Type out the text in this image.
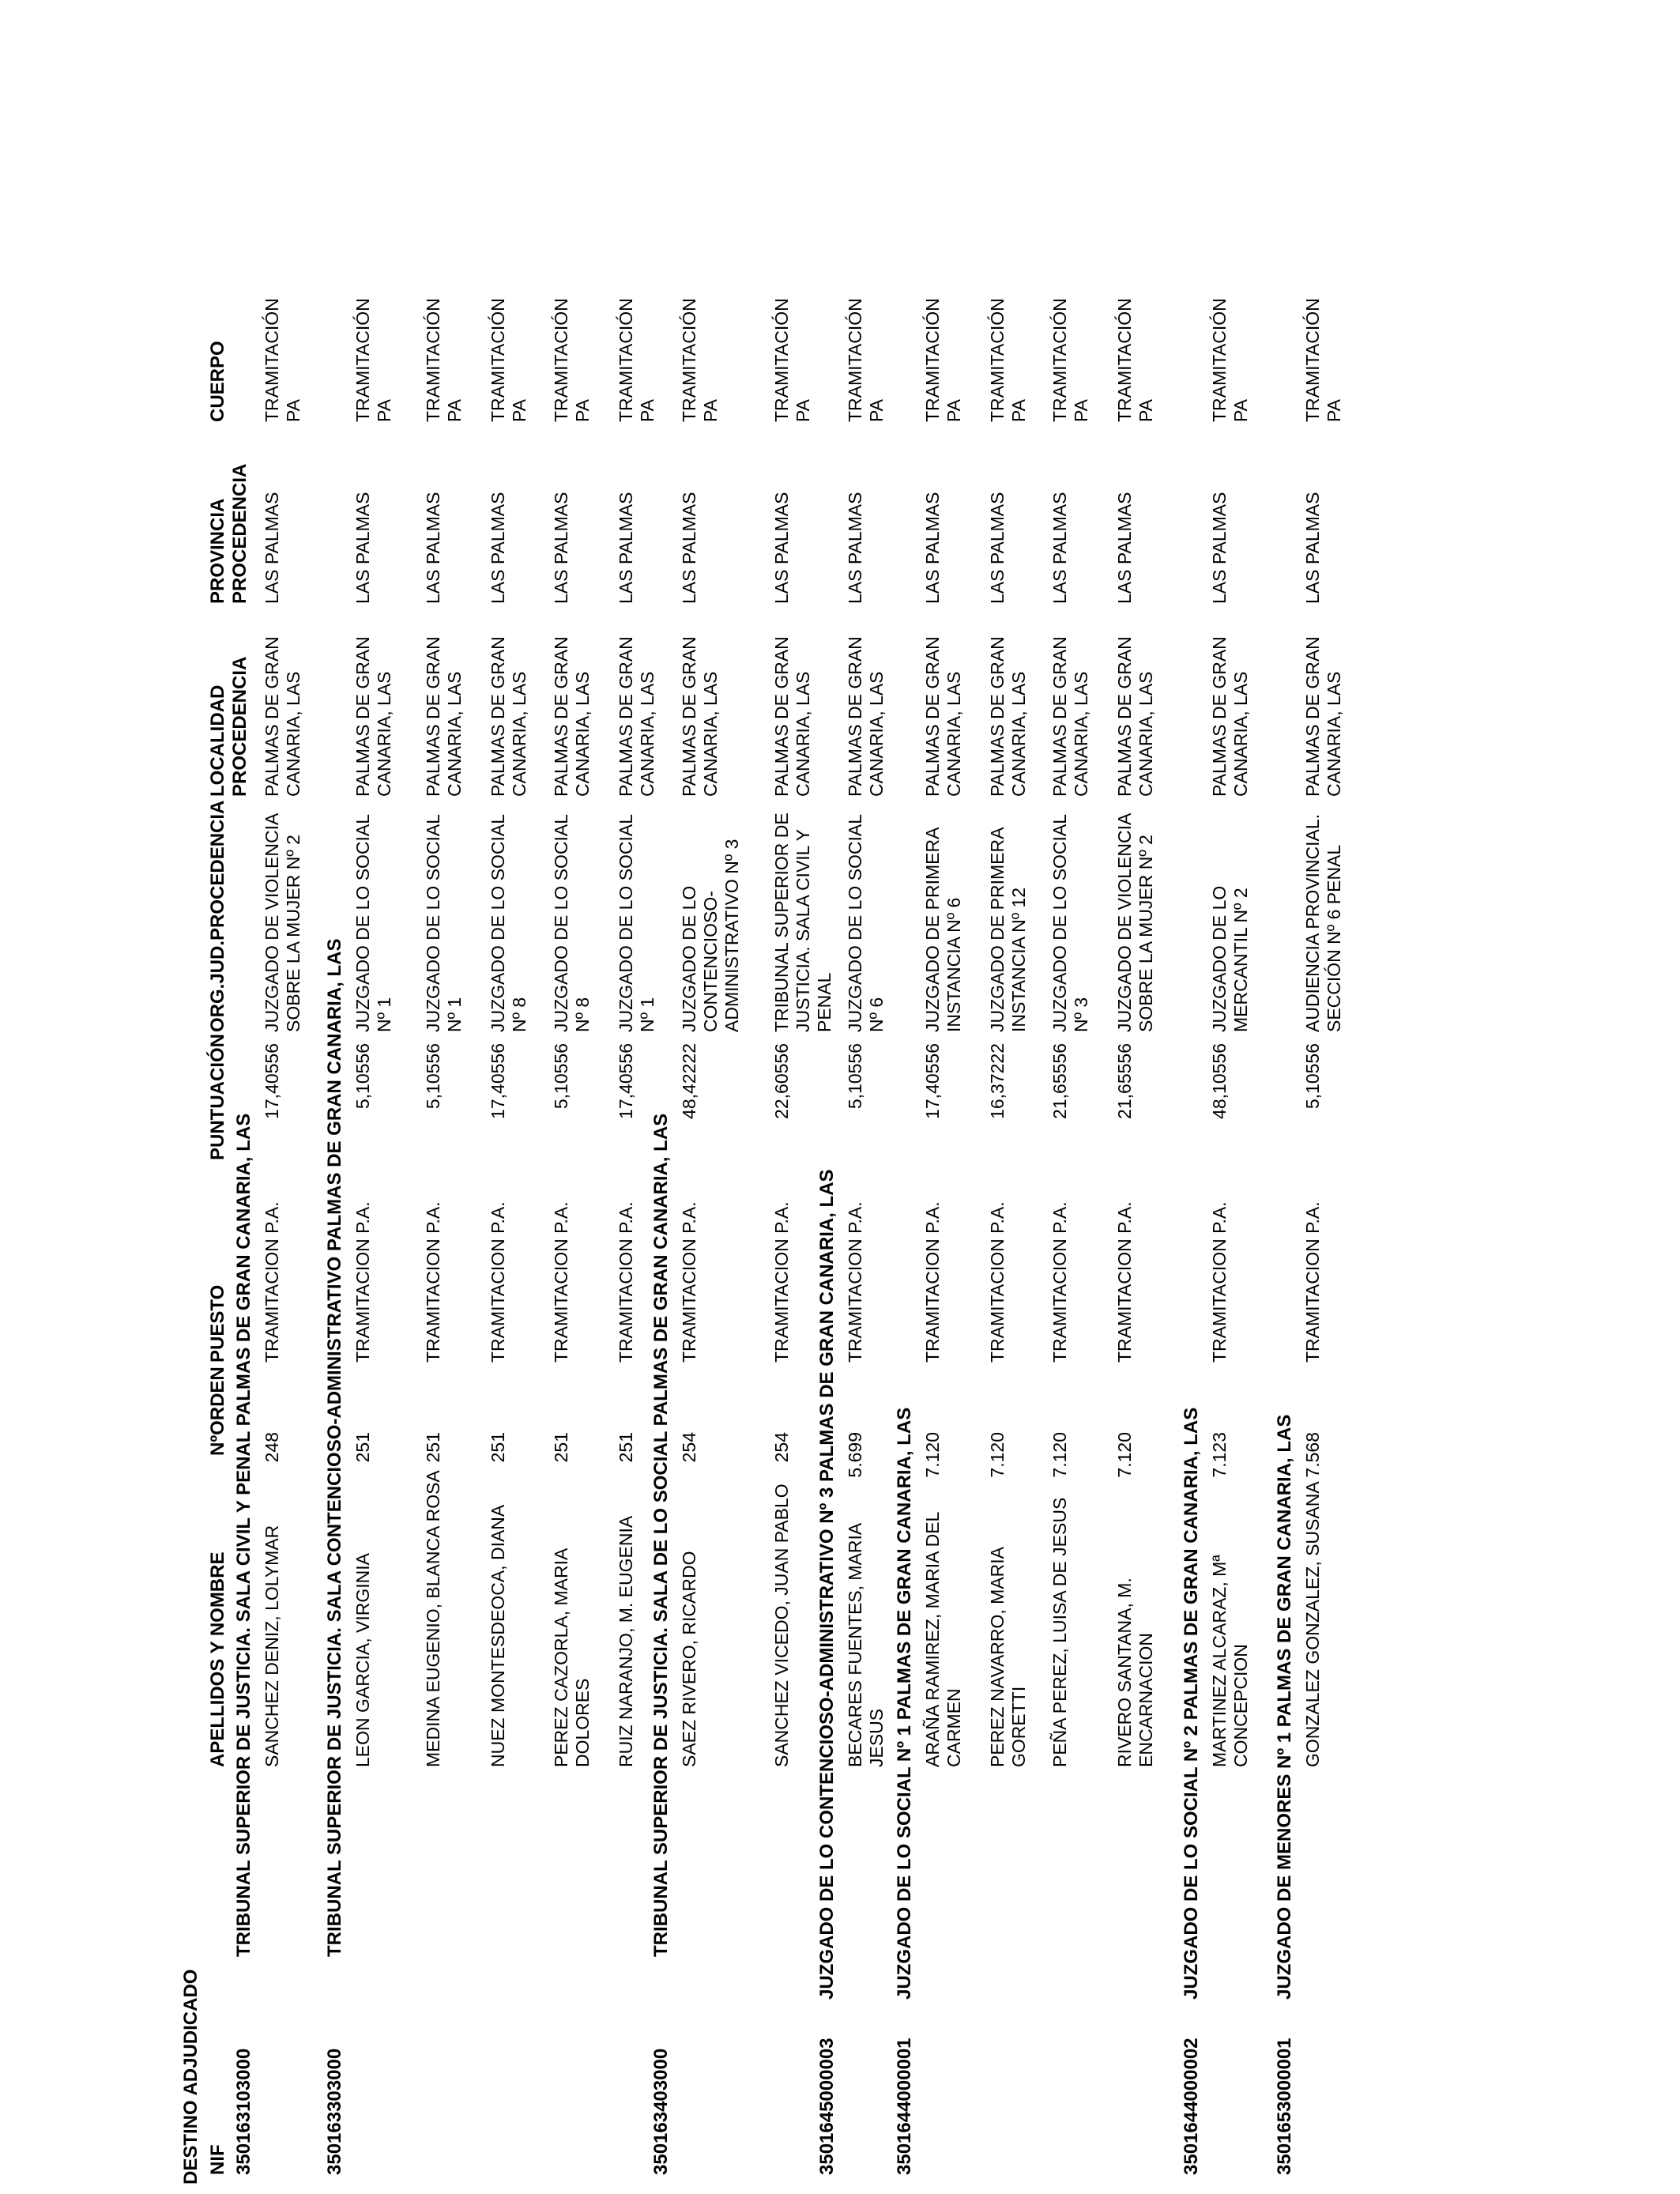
DESTINO ADJUDICADO NIF
APELLIDOS Y NOMBRE
NºORDEN
PUESTO
PUNTUACIÓN
ORG.JUD.PROCEDENCIA
LOCALIDAD PROCEDENCIA
PROVINCIA PROCEDENCIA
CUERPO
350163103000
TRIBUNAL SUPERIOR DE JUSTICIA. SALA CIVIL Y PENAL PALMAS DE GRAN CANARIA, LAS SANCHEZ DENIZ, LOLYMAR
248
TRAMITACION P.A.
17,40556
JUZGADO DE VIOLENCIA SOBRE LA MUJER Nº 2
PALMAS DE GRAN CANARIA, LAS
LAS PALMAS
TRAMITACIÓN PA
350163303000
TRIBUNAL SUPERIOR DE JUSTICIA. SALA CONTENCIOSO-ADMINISTRATIVO PALMAS DE GRAN CANARIA, LAS LEON GARCIA, VIRGINIA
251
TRAMITACION P.A.
5,10556
JUZGADO DE LO SOCIAL Nº 1
PALMAS DE GRAN CANARIA, LAS
LAS PALMAS
TRAMITACIÓN PA
MEDINA EUGENIO, BLANCA ROSA
251
TRAMITACION P.A.
5,10556
JUZGADO DE LO SOCIAL Nº 1
PALMAS DE GRAN CANARIA, LAS
LAS PALMAS
TRAMITACIÓN PA
NUEZ MONTESDEOCA, DIANA
251
TRAMITACION P.A.
17,40556
JUZGADO DE LO SOCIAL Nº 8
PALMAS DE GRAN CANARIA, LAS
LAS PALMAS
TRAMITACIÓN PA
PEREZ CAZORLA, MARIA DOLORES
251
TRAMITACION P.A.
5,10556
JUZGADO DE LO SOCIAL Nº 8
PALMAS DE GRAN CANARIA, LAS
LAS PALMAS
TRAMITACIÓN PA
RUIZ NARANJO, M. EUGENIA
251
TRAMITACION P.A.
17,40556
JUZGADO DE LO SOCIAL Nº 1
PALMAS DE GRAN CANARIA, LAS
LAS PALMAS
TRAMITACIÓN PA
350163403000
TRIBUNAL SUPERIOR DE JUSTICIA. SALA DE LO SOCIAL PALMAS DE GRAN CANARIA, LAS SAEZ RIVERO, RICARDO
254
TRAMITACION P.A.
48,42222
JUZGADO DE LO CONTENCIOSO-ADMINISTRATIVO Nº 3
PALMAS DE GRAN CANARIA, LAS
LAS PALMAS
TRAMITACIÓN PA
SANCHEZ VICEDO, JUAN PABLO
254
TRAMITACION P.A.
22,60556
TRIBUNAL SUPERIOR DE JUSTICIA. SALA CIVIL Y PENAL
PALMAS DE GRAN CANARIA, LAS
LAS PALMAS
TRAMITACIÓN PA
3501645000003
JUZGADO DE LO CONTENCIOSO-ADMINISTRATIVO Nº 3 PALMAS DE GRAN CANARIA, LAS BECARES FUENTES, MARIA JESUS
5.699
TRAMITACION P.A.
5,10556
JUZGADO DE LO SOCIAL Nº 6
PALMAS DE GRAN CANARIA, LAS
LAS PALMAS
TRAMITACIÓN PA
3501644000001
JUZGADO DE LO SOCIAL Nº 1 PALMAS DE GRAN CANARIA, LAS ARAÑA RAMIREZ, MARIA DEL CARMEN
7.120
TRAMITACION P.A.
17,40556
JUZGADO DE PRIMERA INSTANCIA Nº 6
PALMAS DE GRAN CANARIA, LAS
LAS PALMAS
TRAMITACIÓN PA
PEREZ NAVARRO, MARIA GORETTI
7.120
TRAMITACION P.A.
16,37222
JUZGADO DE PRIMERA INSTANCIA Nº 12
PALMAS DE GRAN CANARIA, LAS
LAS PALMAS
TRAMITACIÓN PA
PEÑA PEREZ, LUISA DE JESUS
7.120
TRAMITACION P.A.
21,65556
JUZGADO DE LO SOCIAL Nº 3
PALMAS DE GRAN CANARIA, LAS
LAS PALMAS
TRAMITACIÓN PA
RIVERO SANTANA, M. ENCARNACION
7.120
TRAMITACION P.A.
21,65556
JUZGADO DE VIOLENCIA SOBRE LA MUJER Nº 2
PALMAS DE GRAN CANARIA, LAS
LAS PALMAS
TRAMITACIÓN PA
3501644000002
JUZGADO DE LO SOCIAL Nº 2 PALMAS DE GRAN CANARIA, LAS MARTINEZ ALCARAZ, Mª CONCEPCION
7.123
TRAMITACION P.A.
48,10556
JUZGADO DE LO MERCANTIL Nº 2
PALMAS DE GRAN CANARIA, LAS
LAS PALMAS
TRAMITACIÓN PA
3501653000001
JUZGADO DE MENORES Nº 1 PALMAS DE GRAN CANARIA, LAS GONZALEZ GONZALEZ, SUSANA
7.568
TRAMITACION P.A.
5,10556
AUDIENCIA PROVINCIAL. SECCIÓN Nº 6 PENAL
PALMAS DE GRAN CANARIA, LAS
LAS PALMAS
TRAMITACIÓN PA
